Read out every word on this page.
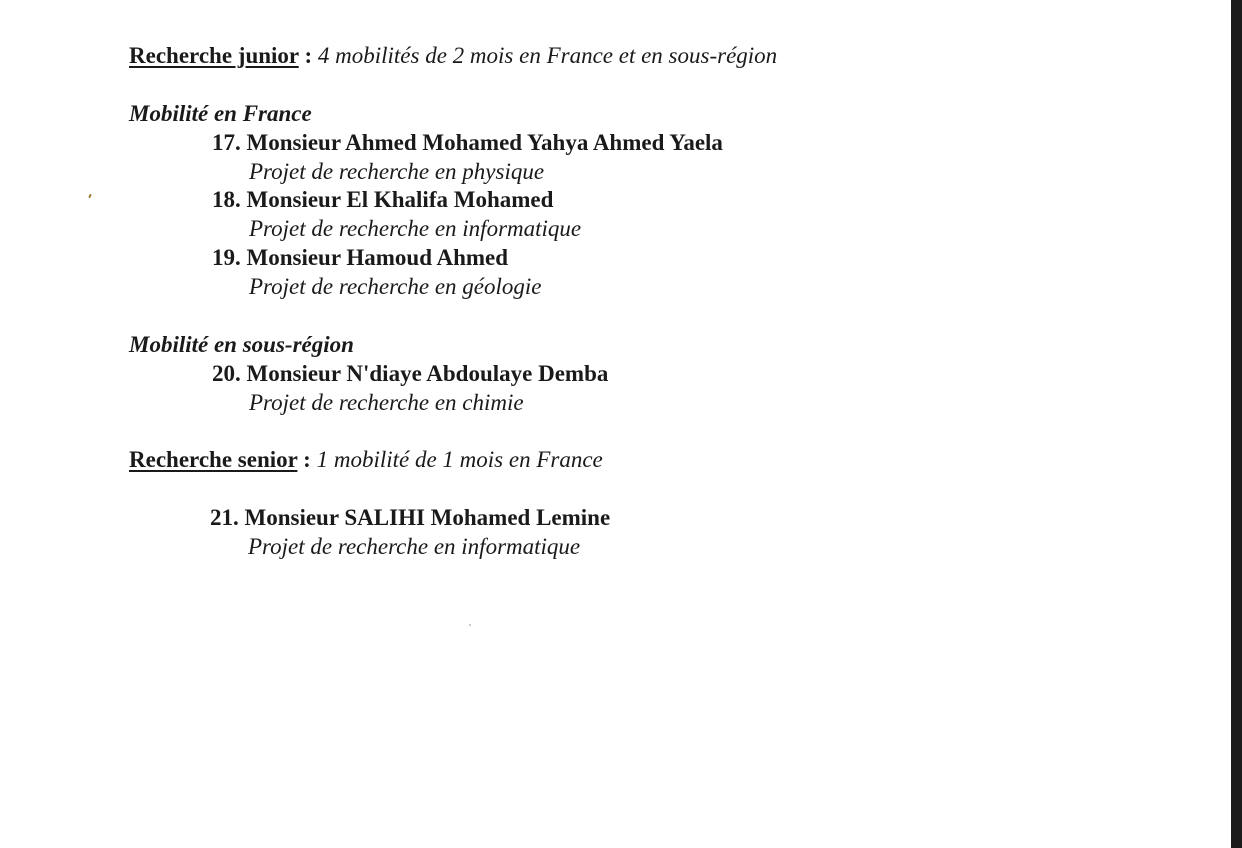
Recherche junior : 4 mobilités de 2 mois en France et en sous-région
Mobilité en France
17. Monsieur Ahmed Mohamed Yahya Ahmed Yaela
Projet de recherche en physique
18. Monsieur El Khalifa Mohamed
Projet de recherche en informatique
19. Monsieur Hamoud Ahmed
Projet de recherche en géologie
Mobilité en sous-région
20. Monsieur N'diaye Abdoulaye Demba
Projet de recherche en chimie
Recherche senior : 1 mobilité de 1 mois en France
21. Monsieur SALIHI Mohamed Lemine
Projet de recherche en informatique
